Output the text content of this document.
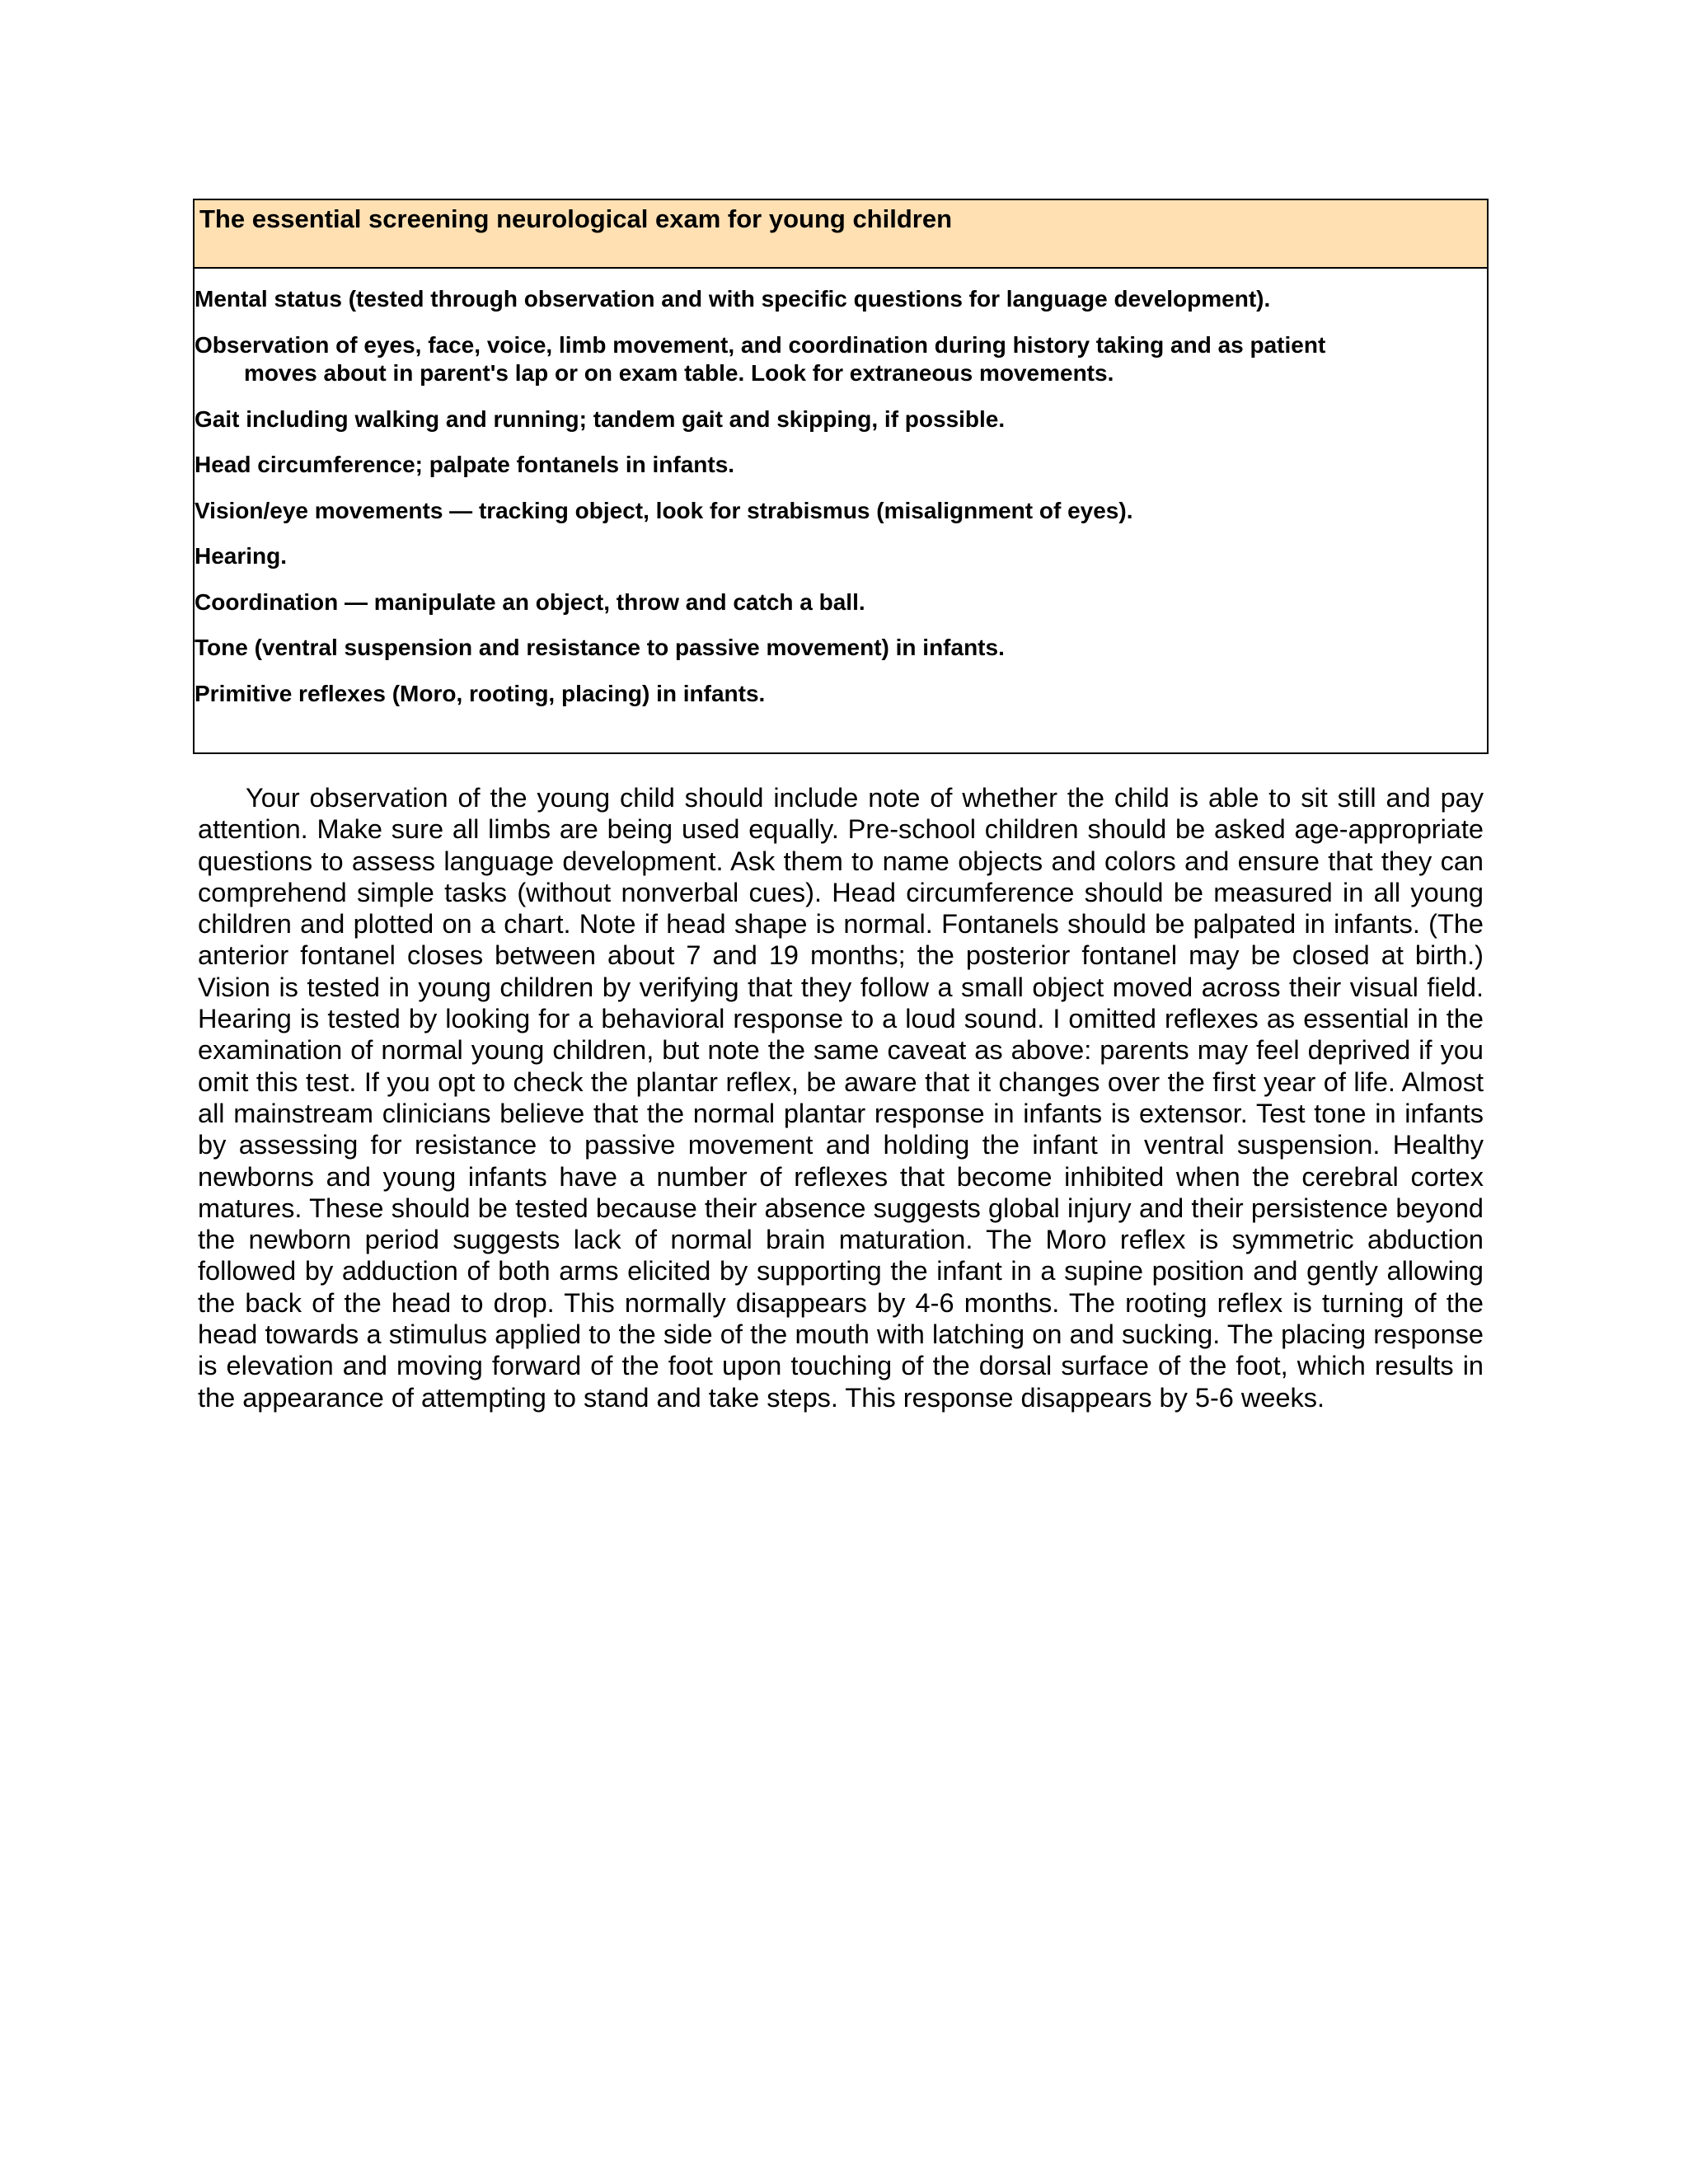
The essential screening neurological exam for young children
Mental status (tested through observation and with specific questions for language development).
Observation of eyes, face, voice, limb movement, and coordination during history taking and as patient moves about in parent's lap or on exam table. Look for extraneous movements.
Gait including walking and running; tandem gait and skipping, if possible.
Head circumference; palpate fontanels in infants.
Vision/eye movements — tracking object, look for strabismus (misalignment of eyes).
Hearing.
Coordination — manipulate an object, throw and catch a ball.
Tone (ventral suspension and resistance to passive movement) in infants.
Primitive reflexes (Moro, rooting, placing) in infants.

Your observation of the young child should include note of whether the child is able to sit still and pay attention. Make sure all limbs are being used equally. Pre-school children should be asked age-appropriate questions to assess language development. Ask them to name objects and colors and ensure that they can comprehend simple tasks (without nonverbal cues). Head circumference should be measured in all young children and plotted on a chart. Note if head shape is normal. Fontanels should be palpated in infants. (The anterior fontanel closes between about 7 and 19 months; the posterior fontanel may be closed at birth.) Vision is tested in young children by verifying that they follow a small object moved across their visual field. Hearing is tested by looking for a behavioral response to a loud sound. I omitted reflexes as essential in the examination of normal young children, but note the same caveat as above: parents may feel deprived if you omit this test. If you opt to check the plantar reflex, be aware that it changes over the first year of life. Almost all mainstream clinicians believe that the normal plantar response in infants is extensor. Test tone in infants by assessing for resistance to passive movement and holding the infant in ventral suspension. Healthy newborns and young infants have a number of reflexes that become inhibited when the cerebral cortex matures. These should be tested because their absence suggests global injury and their persistence beyond the newborn period suggests lack of normal brain maturation. The Moro reflex is symmetric abduction followed by adduction of both arms elicited by supporting the infant in a supine position and gently allowing the back of the head to drop. This normally disappears by 4-6 months. The rooting reflex is turning of the head towards a stimulus applied to the side of the mouth with latching on and sucking. The placing response is elevation and moving forward of the foot upon touching of the dorsal surface of the foot, which results in the appearance of attempting to stand and take steps. This response disappears by 5-6 weeks.
